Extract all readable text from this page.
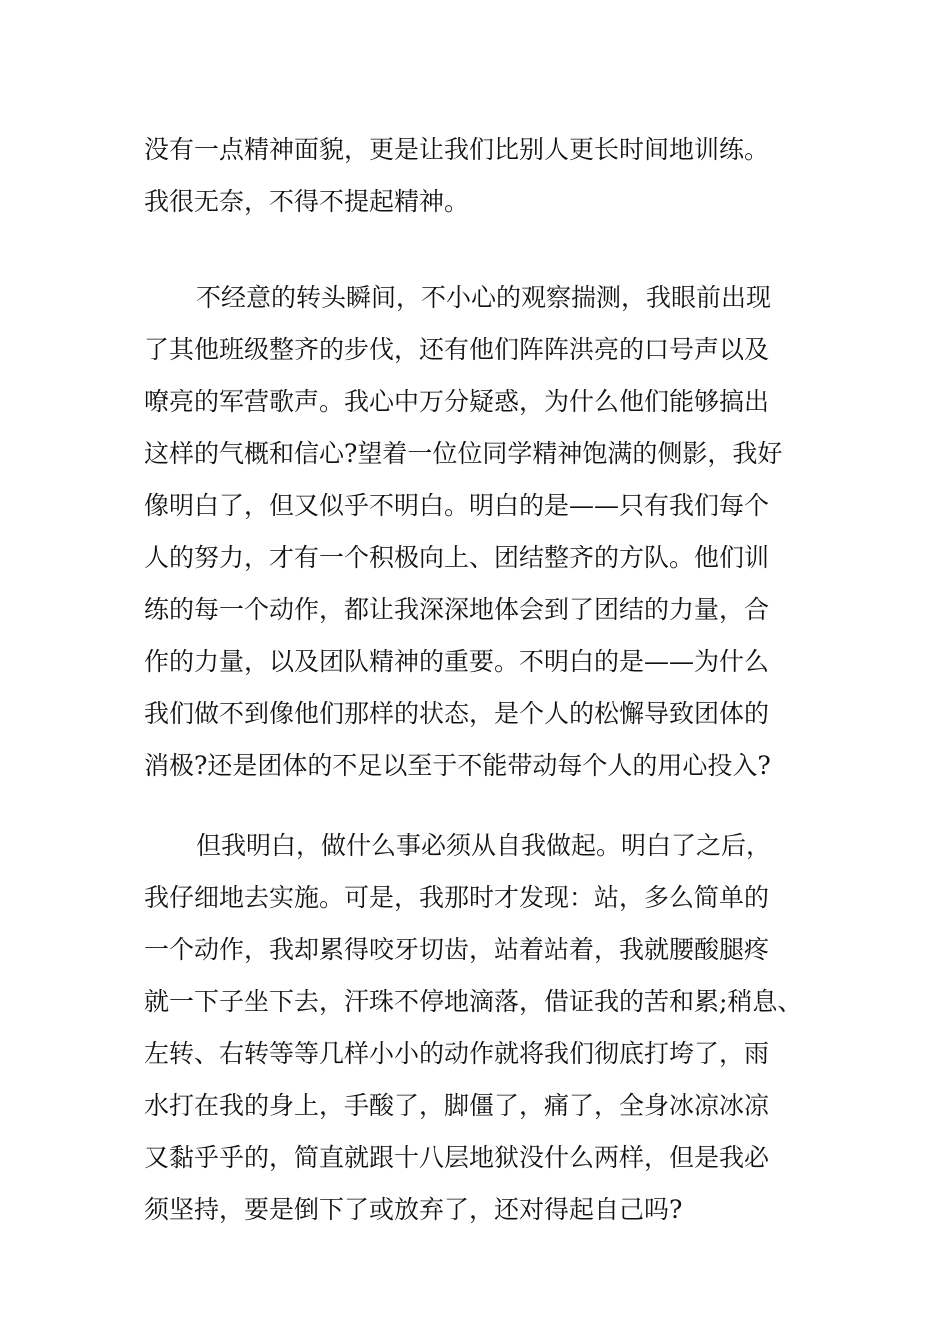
没有一点精神面貌，更是让我们比别人更长时间地训练。
我很无奈，不得不提起精神。
不经意的转头瞬间，不小心的观察揣测，我眼前出现
了其他班级整齐的步伐，还有他们阵阵洪亮的口号声以及
嘹亮的军营歌声。我心中万分疑惑，为什么他们能够搞出
这样的气概和信心?望着一位位同学精神饱满的侧影，我好
像明白了，但又似乎不明白。明白的是——只有我们每个
人的努力，才有一个积极向上、团结整齐的方队。他们训
练的每一个动作，都让我深深地体会到了团结的力量，合
作的力量，以及团队精神的重要。不明白的是——为什么
我们做不到像他们那样的状态，是个人的松懈导致团体的
消极?还是团体的不足以至于不能带动每个人的用心投入?
但我明白，做什么事必须从自我做起。明白了之后，
我仔细地去实施。可是，我那时才发现：站，多么简单的
一个动作，我却累得咬牙切齿，站着站着，我就腰酸腿疼
就一下子坐下去，汗珠不停地滴落，借证我的苦和累;稍息、
左转、右转等等几样小小的动作就将我们彻底打垮了，雨
水打在我的身上，手酸了，脚僵了，痛了，全身冰凉冰凉
又黏乎乎的，简直就跟十八层地狱没什么两样，但是我必
须坚持，要是倒下了或放弃了，还对得起自己吗?
